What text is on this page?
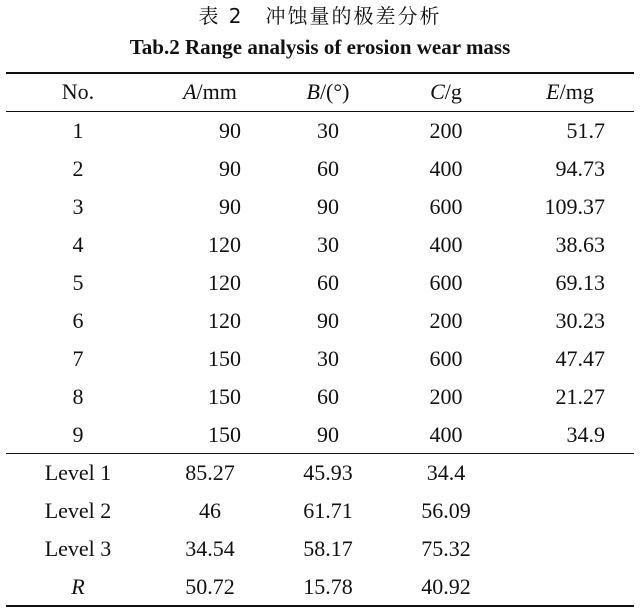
表 2　冲蚀量的极差分析
Tab.2 Range analysis of erosion wear mass
No.	A/mm	B/(°)	C/g	E/mg
1	90	30	200	51.7
2	90	60	400	94.73
3	90	90	600	109.37
4	120	30	400	38.63
5	120	60	600	69.13
6	120	90	200	30.23
7	150	30	600	47.47
8	150	60	200	21.27
9	150	90	400	34.9
Level 1	85.27	45.93	34.4
Level 2	46	61.71	56.09
Level 3	34.54	58.17	75.32
R	50.72	15.78	40.92
